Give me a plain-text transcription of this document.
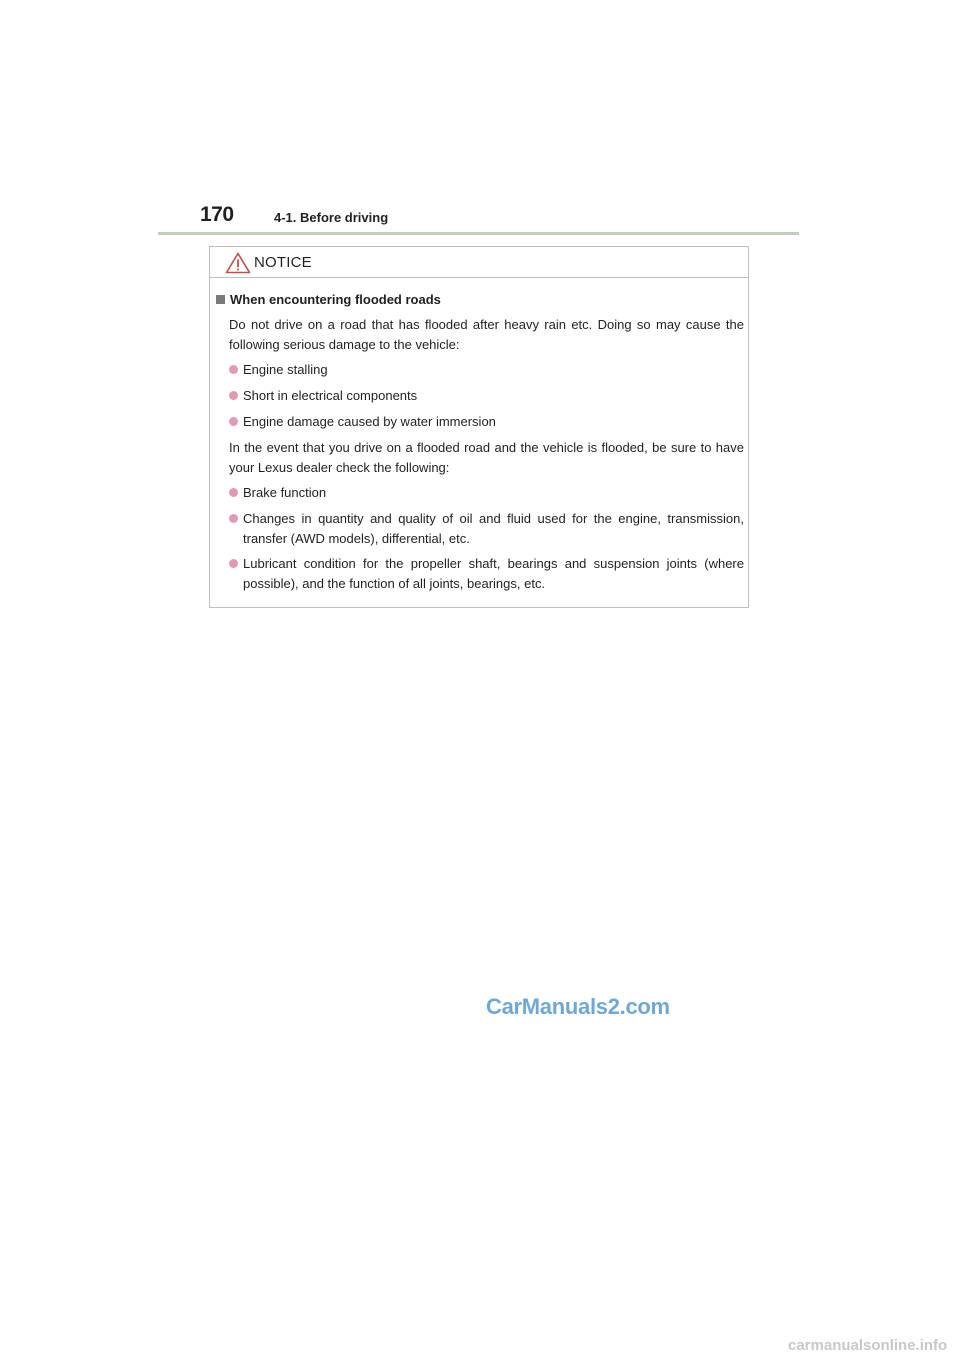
170	4-1. Before driving
NOTICE
When encountering flooded roads
Do not drive on a road that has flooded after heavy rain etc. Doing so may cause the following serious damage to the vehicle:
Engine stalling
Short in electrical components
Engine damage caused by water immersion
In the event that you drive on a flooded road and the vehicle is flooded, be sure to have your Lexus dealer check the following:
Brake function
Changes in quantity and quality of oil and fluid used for the engine, transmission, transfer (AWD models), differential, etc.
Lubricant condition for the propeller shaft, bearings and suspension joints (where possible), and the function of all joints, bearings, etc.
CarManuals2.com
carmanualsonline.info
